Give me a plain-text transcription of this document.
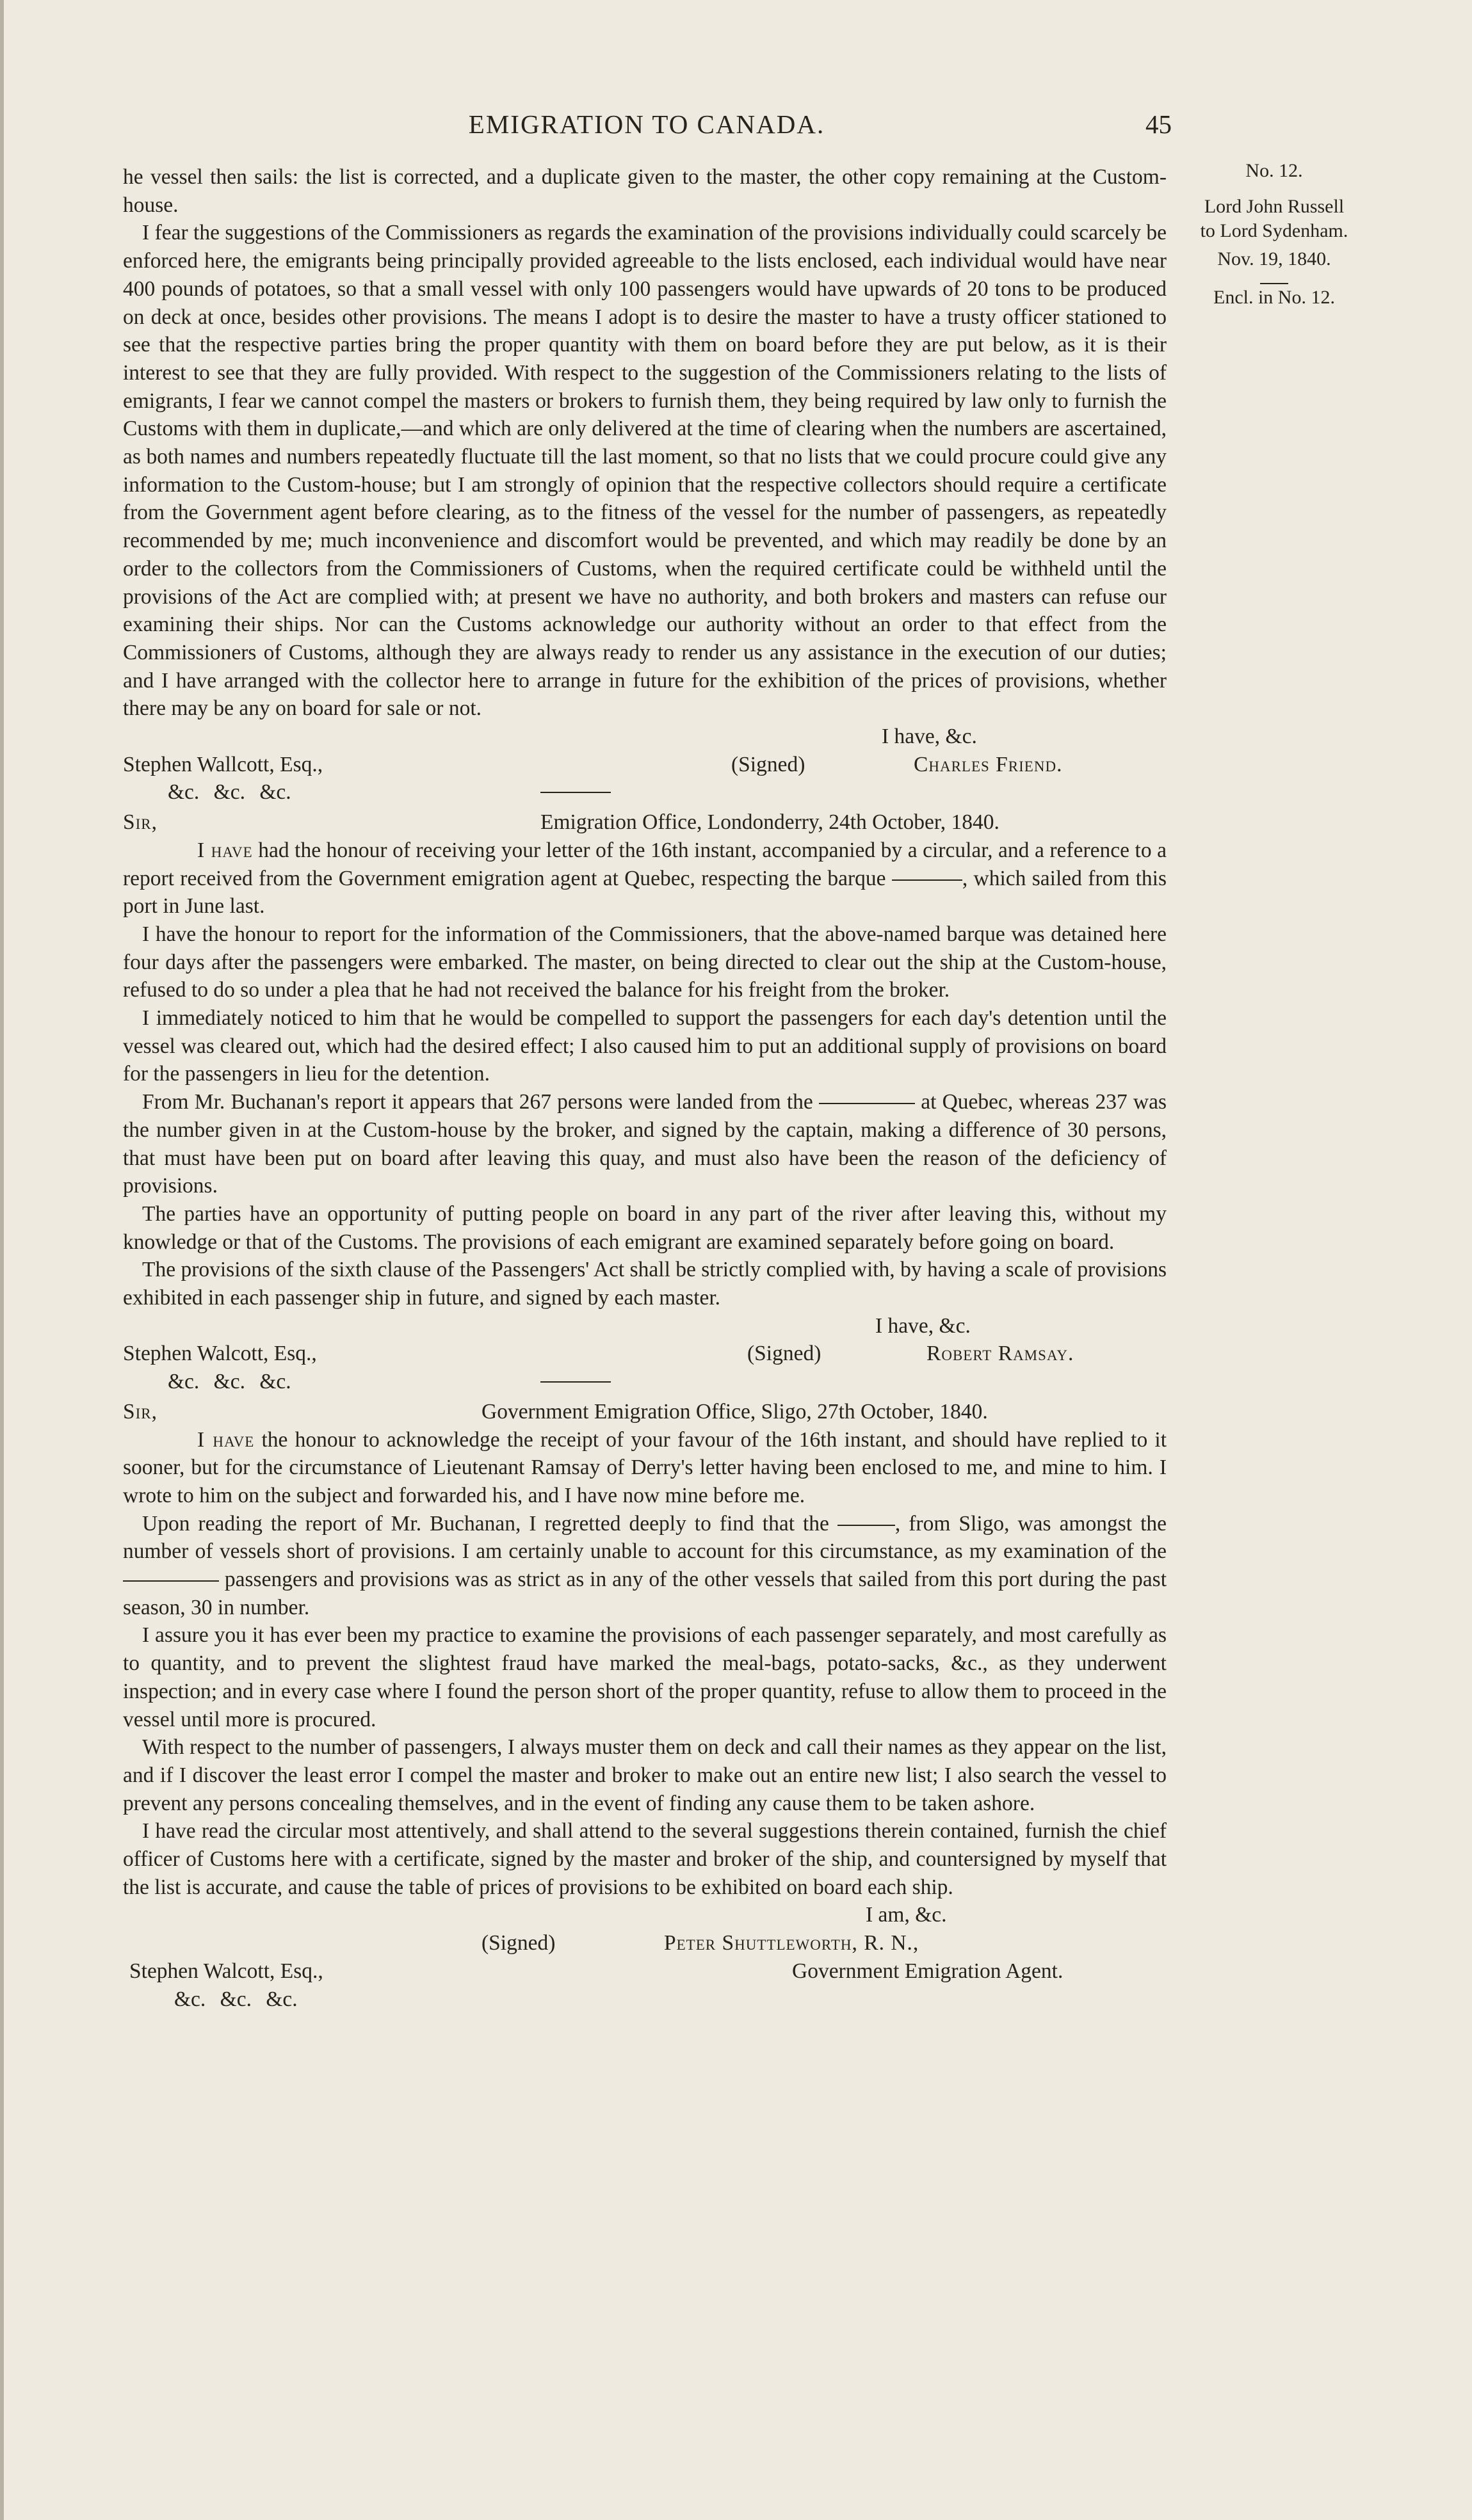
EMIGRATION TO CANADA.	45
No. 12.
Lord John Russell
to Lord Sydenham.
Nov. 19, 1840.
Encl. in No. 12.

he vessel then sails: the list is corrected, and a duplicate given to the master, the other copy remaining at the Custom-house.

I fear the suggestions of the Commissioners as regards the examination of the provisions individually could scarcely be enforced here, the emigrants being principally provided agreeable to the lists enclosed, each individual would have near 400 pounds of potatoes, so that a small vessel with only 100 passengers would have upwards of 20 tons to be produced on deck at once, besides other provisions. The means I adopt is to desire the master to have a trusty officer stationed to see that the respective parties bring the proper quantity with them on board before they are put below, as it is their interest to see that they are fully provided. With respect to the suggestion of the Commissioners relating to the lists of emigrants, I fear we cannot compel the masters or brokers to furnish them, they being required by law only to furnish the Customs with them in duplicate,—and which are only delivered at the time of clearing when the numbers are ascertained, as both names and numbers repeatedly fluctuate till the last moment, so that no lists that we could procure could give any information to the Custom-house; but I am strongly of opinion that the respective collectors should require a certificate from the Government agent before clearing, as to the fitness of the vessel for the number of passengers, as repeatedly recommended by me; much inconvenience and discomfort would be prevented, and which may readily be done by an order to the collectors from the Commissioners of Customs, when the required certificate could be withheld until the provisions of the Act are complied with; at present we have no authority, and both brokers and masters can refuse our examining their ships. Nor can the Customs acknowledge our authority without an order to that effect from the Commissioners of Customs, although they are always ready to render us any assistance in the execution of our duties; and I have arranged with the collector here to arrange in future for the exhibition of the prices of provisions, whether there may be any on board for sale or not.

I have, &c.
Stephen Wallcott, Esq.,	(Signed)	Charles Friend.
&c. &c. &c.
Sir,	Emigration Office, Londonderry, 24th October, 1840.

I have had the honour of receiving your letter of the 16th instant, accompanied by a circular, and a reference to a report received from the Government emigration agent at Quebec, respecting the barque	, which sailed from this port in June last.

I have the honour to report for the information of the Commissioners, that the above-named barque was detained here four days after the passengers were embarked. The master, on being directed to clear out the ship at the Custom-house, refused to do so under a plea that he had not received the balance for his freight from the broker.

I immediately noticed to him that he would be compelled to support the passengers for each day's detention until the vessel was cleared out, which had the desired effect; I also caused him to put an additional supply of provisions on board for the passengers in lieu for the detention.

From Mr. Buchanan's report it appears that 267 persons were landed from the	at Quebec, whereas 237 was the number given in at the Custom-house by the broker, and signed by the captain, making a difference of 30 persons, that must have been put on board after leaving this quay, and must also have been the reason of the deficiency of provisions.

The parties have an opportunity of putting people on board in any part of the river after leaving this, without my knowledge or that of the Customs. The provisions of each emigrant are examined separately before going on board.

The provisions of the sixth clause of the Passengers' Act shall be strictly complied with, by having a scale of provisions exhibited in each passenger ship in future, and signed by each master.

I have, &c.
Stephen Walcott, Esq.,	(Signed)	Robert Ramsay.
&c. &c. &c.
Sir,	Government Emigration Office, Sligo, 27th October, 1840.

I have the honour to acknowledge the receipt of your favour of the 16th instant, and should have replied to it sooner, but for the circumstance of Lieutenant Ramsay of Derry's letter having been enclosed to me, and mine to him. I wrote to him on the subject and forwarded his, and I have now mine before me.

Upon reading the report of Mr. Buchanan, I regretted deeply to find that the	, from Sligo, was amongst the number of vessels short of provisions. I am certainly unable to account for this circumstance, as my examination of the  passengers and provisions was as strict as in any of the other vessels that sailed from this port during the past season, 30 in number.

I assure you it has ever been my practice to examine the provisions of each passenger separately, and most carefully as to quantity, and to prevent the slightest fraud have marked the meal-bags, potato-sacks, &c., as they underwent inspection; and in every case where I found the person short of the proper quantity, refuse to allow them to proceed in the vessel until more is procured.

With respect to the number of passengers, I always muster them on deck and call their names as they appear on the list, and if I discover the least error I compel the master and broker to make out an entire new list; I also search the vessel to prevent any persons concealing themselves, and in the event of finding any cause them to be taken ashore.

I have read the circular most attentively, and shall attend to the several suggestions therein contained, furnish the chief officer of Customs here with a certificate, signed by the master and broker of the ship, and countersigned by myself that the list is accurate, and cause the table of prices of provisions to be exhibited on board each ship.

I am, &c.
(Signed)	Peter Shuttleworth, R. N.,
Stephen Walcott, Esq.,	Government Emigration Agent.
&c. &c. &c.
